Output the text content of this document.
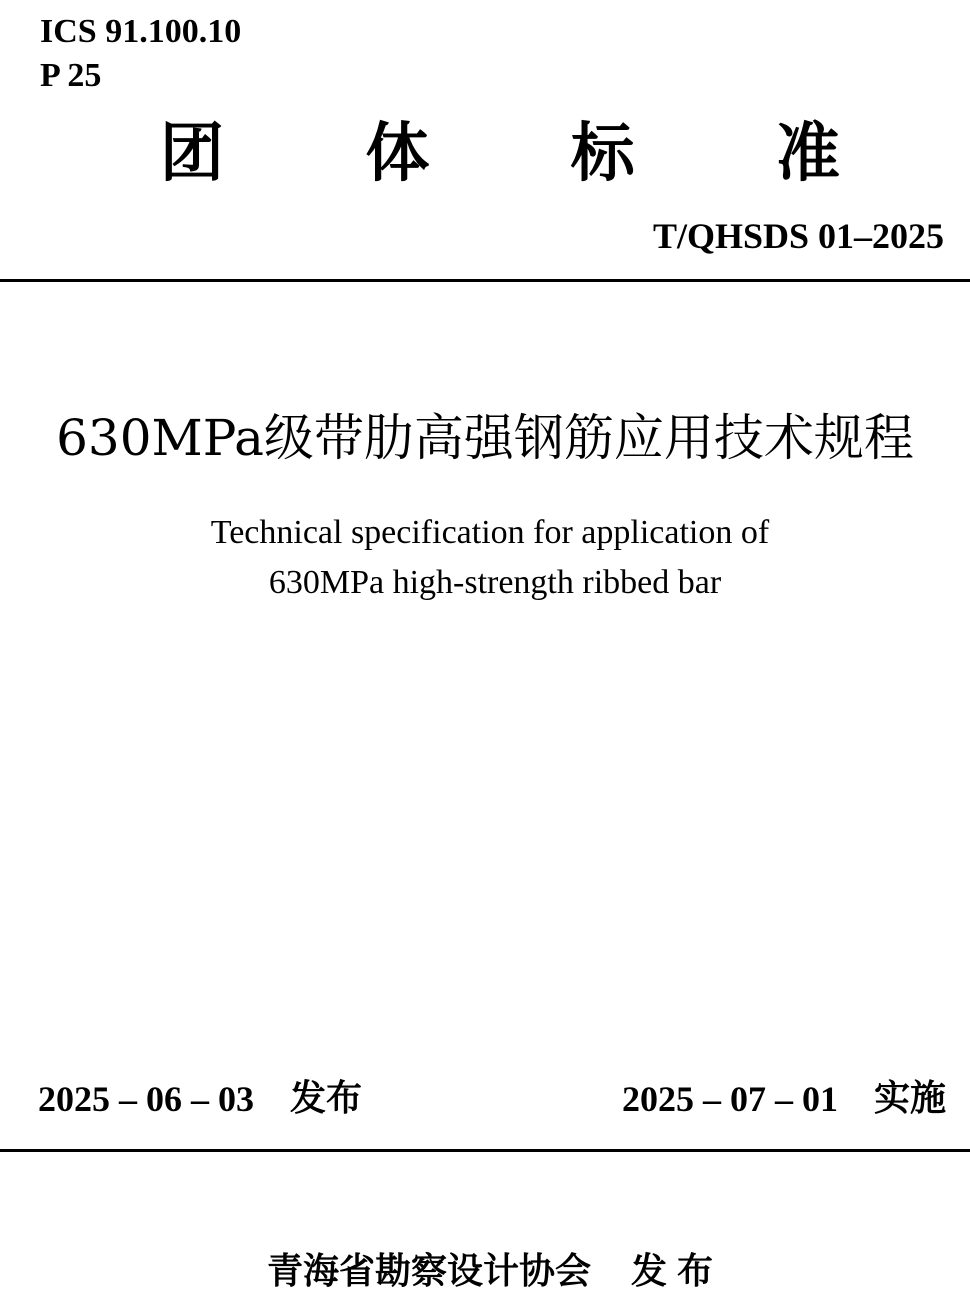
ICS 91.100.10
P 25
团 体 标 准
T/QHSDS 01–2025
630MPa级带肋高强钢筋应用技术规程
Technical specification for application of
630MPa high-strength ribbed bar
2025 – 06 – 03 发布	2025 – 07 – 01 实施
青海省勘察设计协会 发布
